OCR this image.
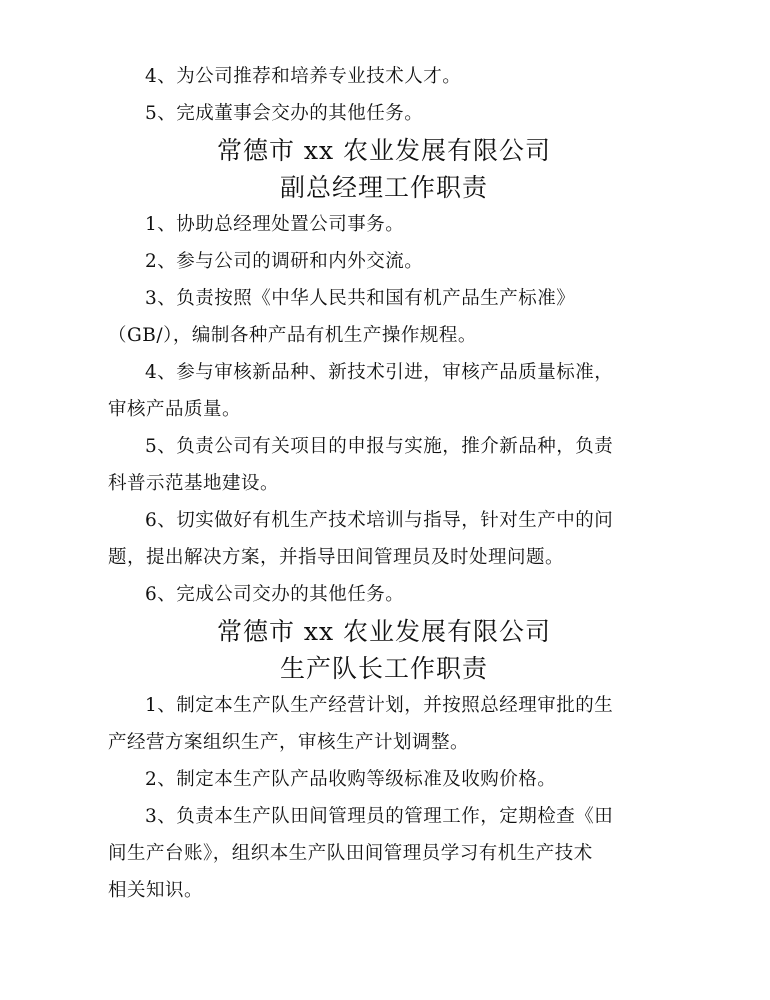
4、为公司推荐和培养专业技术人才。

5、完成董事会交办的其他任务。

常德市 xx 农业发展有限公司
副总经理工作职责

1、协助总经理处置公司事务。

2、参与公司的调研和内外交流。

3、负责按照《中华人民共和国有机产品生产标准》

（GB/），编制各种产品有机生产操作规程。

4、参与审核新品种、新技术引进，审核产品质量标准，

审核产品质量。

5、负责公司有关项目的申报与实施，推介新品种，负责

科普示范基地建设。

6、切实做好有机生产技术培训与指导，针对生产中的问

题，提出解决方案，并指导田间管理员及时处理问题。

6、完成公司交办的其他任务。

常德市 xx 农业发展有限公司
生产队长工作职责

1、制定本生产队生产经营计划，并按照总经理审批的生

产经营方案组织生产，审核生产计划调整。

2、制定本生产队产品收购等级标准及收购价格。

3、负责本生产队田间管理员的管理工作，定期检查《田

间生产台账》，组织本生产队田间管理员学习有机生产技术

相关知识。
